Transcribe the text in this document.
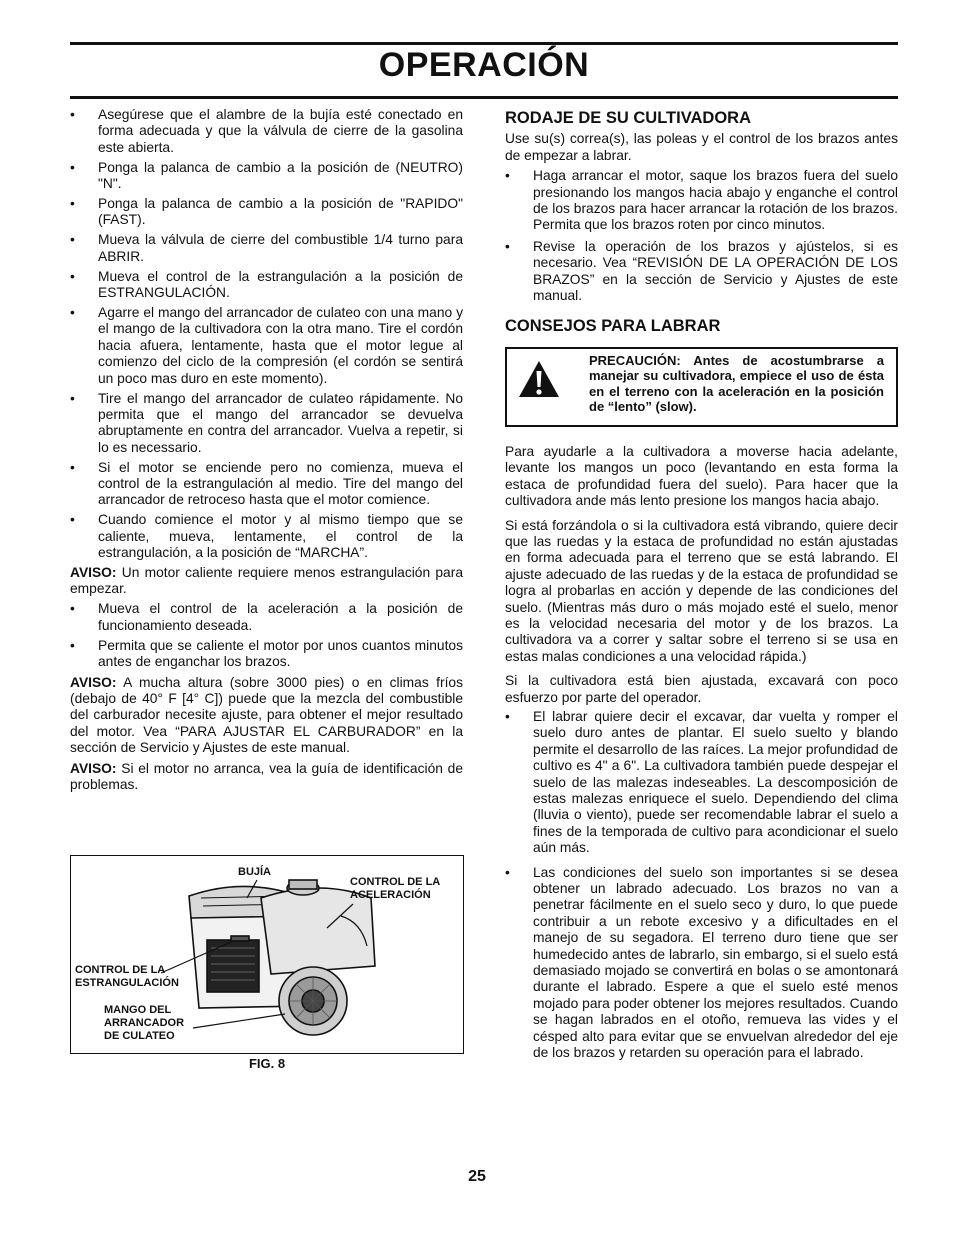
OPERACIÓN
• Asegúrese que el alambre de la bujía esté conectado en forma adecuada y que la válvula de cierre de la gasolina este abierta.
• Ponga la palanca de cambio a la posición de (NEUTRO) "N".
• Ponga la palanca de cambio a la posición de "RAPIDO" (FAST).
• Mueva la válvula de cierre del combustible 1/4 turno para ABRIR.
• Mueva el control de la estrangulación a la posición de ESTRANGULACIÓN.
• Agarre el mango del arrancador de culateo con una mano y el mango de la cultivadora con la otra mano. Tire el cordón hacia afuera, lentamente, hasta que el motor legue al comienzo del ciclo de la compresión (el cordón se sentirá un poco mas duro en este momento).
• Tire el mango del arrancador de culateo rápidamente. No permita que el mango del arrancador se devuelva abruptamente en contra del arrancador. Vuelva a repetir, si lo es necessario.
• Si el motor se enciende pero no comienza, mueva el control de la estrangulación al medio. Tire del mango del arrancador de retroceso hasta que el motor comience.
• Cuando comience el motor y al mismo tiempo que se caliente, mueva, lentamente, el control de la estrangulación, a la posición de “MARCHA”.
AVISO: Un motor caliente requiere menos estrangulación para empezar.
• Mueva el control de la aceleración a la posición de funcionamiento deseada.
• Permita que se caliente el motor por unos cuantos minutos antes de enganchar los brazos.
AVISO: A mucha altura (sobre 3000 pies) o en climas fríos (debajo de 40° F [4° C]) puede que la mezcla del combustible del carburador necesite ajuste, para obtener el mejor resultado del motor. Vea “PARA AJUSTAR EL CARBURADOR” en la sección de Servicio y Ajustes de este manual.
AVISO: Si el motor no arranca, vea la guía de identificación de problemas.
BUJÍA
CONTROL DE LA ACELERACIÓN
CONTROL DE LA ESTRANGULACIÓN
MANGO DEL ARRANCADOR DE CULATEO
FIG. 8
RODAJE DE SU CULTIVADORA
Use su(s) correa(s), las poleas y el control de los brazos antes de empezar a labrar.
• Haga arrancar el motor, saque los brazos fuera del suelo presionando los mangos hacia abajo y enganche el control de los brazos para hacer arrancar la rotación de los brazos. Permita que los brazos roten por cinco minutos.
• Revise la operación de los brazos y ajústelos, si es necesario. Vea “REVISIÓN DE LA OPERACIÓN DE LOS BRAZOS” en la sección de Servicio y Ajustes de este manual.
CONSEJOS PARA LABRAR
PRECAUCIÓN: Antes de acostumbrarse a manejar su cultivadora, empiece el uso de ésta en el terreno con la aceleración en la posición de “lento” (slow).
Para ayudarle a la cultivadora a moverse hacia adelante, levante los mangos un poco (levantando en esta forma la estaca de profundidad fuera del suelo). Para hacer que la cultivadora ande más lento presione los mangos hacia abajo.
Si está forzándola o si la cultivadora está vibrando, quiere decir que las ruedas y la estaca de profundidad no están ajustadas en forma adecuada para el terreno que se está labrando. El ajuste adecuado de las ruedas y de la estaca de profundidad se logra al probarlas en acción y depende de las condiciones del suelo. (Mientras más duro o más mojado esté el suelo, menor es la velocidad necesaria del motor y de los brazos. La cultivadora va a correr y saltar sobre el terreno si se usa en estas malas condiciones a una velocidad rápida.)
Si la cultivadora está bien ajustada, excavará con poco esfuerzo por parte del operador.
• El labrar quiere decir el excavar, dar vuelta y romper el suelo duro antes de plantar. El suelo suelto y blando permite el desarrollo de las raíces. La mejor profundidad de cultivo es 4" a 6". La cultivadora también puede despejar el suelo de las malezas indeseables. La descomposición de estas malezas enriquece el suelo. Dependiendo del clima (lluvia o viento), puede ser recomendable labrar el suelo a fines de la temporada de cultivo para acondicionar el suelo aún más.
• Las condiciones del suelo son importantes si se desea obtener un labrado adecuado. Los brazos no van a penetrar fácilmente en el suelo seco y duro, lo que puede contribuir a un rebote excesivo y a dificultades en el manejo de su segadora. El terreno duro tiene que ser humedecido antes de labrarlo, sin embargo, si el suelo está demasiado mojado se convertirá en bolas o se amontonará durante el labrado. Espere a que el suelo esté menos mojado para poder obtener los mejores resultados. Cuando se hagan labrados en el otoño, remueva las vides y el césped alto para evitar que se envuelvan alrededor del eje de los brazos y retarden su operación para el labrado.
25
